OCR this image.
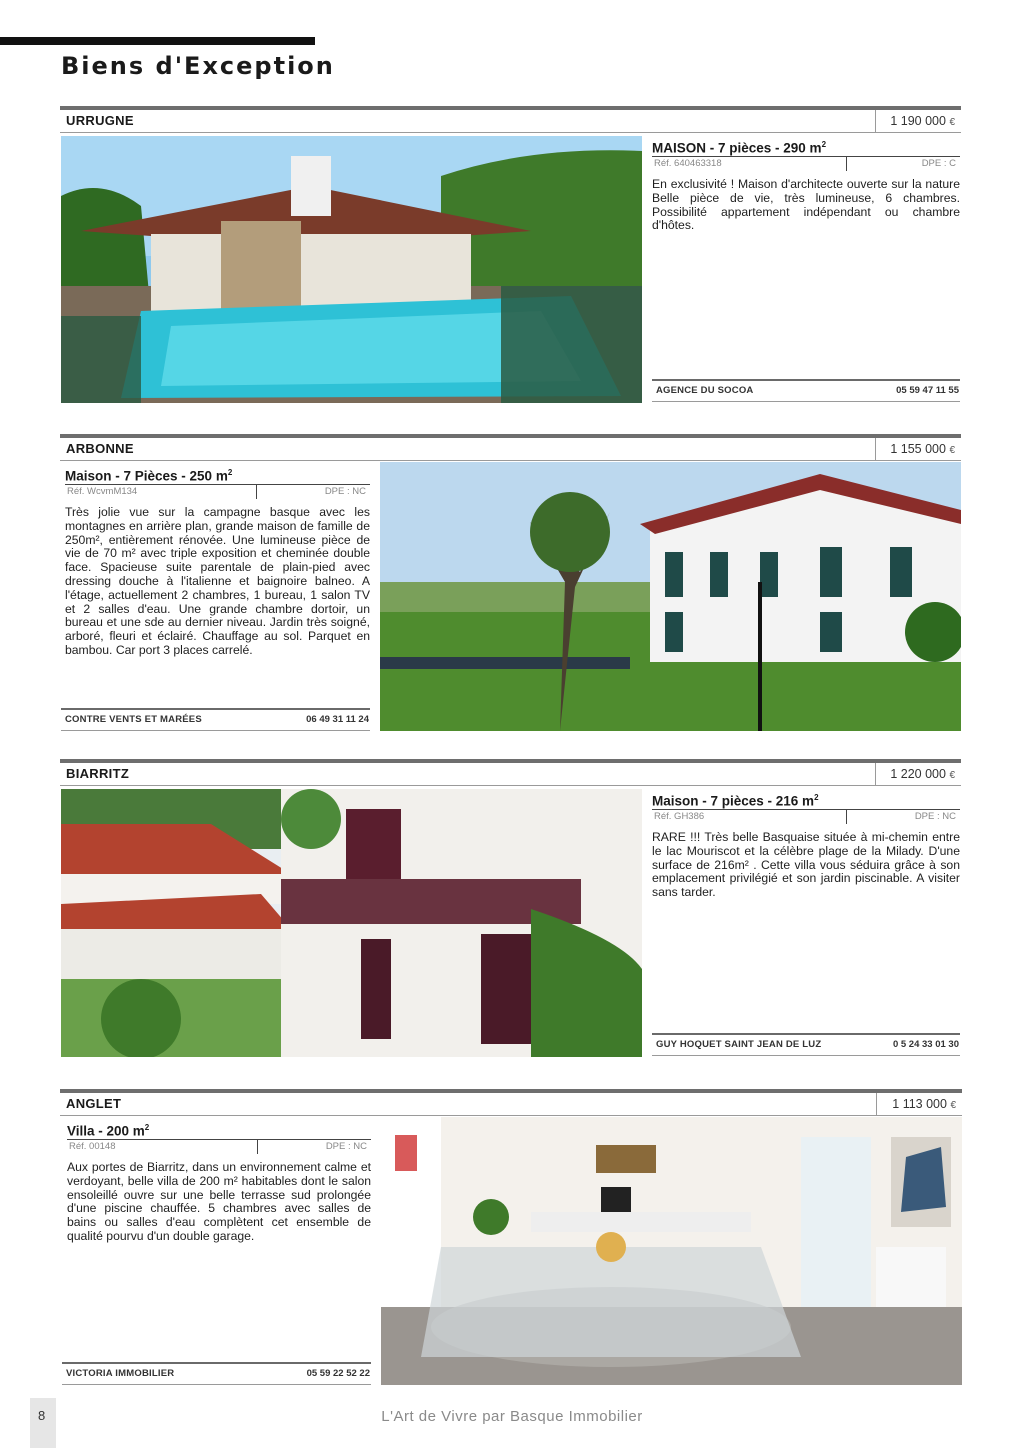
Biens d'Exception
URRUGNE	1 190 000 €

MAISON - 7 pièces - 290 $m^2$

Réf. 640463318	DPE : C

En exclusivité ! Maison d'architecte ouverte sur la nature Belle pièce de vie, très lumineuse, 6 chambres. Possibilité appartement indépendant ou chambre d'hôtes.

AGENCE DU SOCOA	05 59 47 11 55
ARBONNE	1 155 000 €

Maison - 7 Pièces - 250 $m^2$

Réf. WcvmM134	DPE : NC

Très jolie vue sur la campagne basque avec les montagnes en arrière plan, grande maison de famille de 250m², entièrement rénovée. Une lumineuse pièce de vie de 70 m² avec triple exposition et cheminée double face. Spacieuse suite parentale de plain-pied avec dressing douche à l'italienne et baignoire balneo. A l'étage, actuellement 2 chambres, 1 bureau, 1 salon TV et 2 salles d'eau. Une grande chambre dortoir, un bureau et une sde au dernier niveau. Jardin très soigné, arboré, fleuri et éclairé. Chauffage au sol. Parquet en bambou. Car port 3 places carrelé.

CONTRE VENTS ET MARÉES	06 49 31 11 24
BIARRITZ	1 220 000 €

Maison - 7 pièces - 216 $m^2$

Réf. GH386	DPE : NC

RARE !!! Très belle Basquaise située à mi-chemin entre le lac Mouriscot et la célèbre plage de la Milady. D'une surface de 216m² . Cette villa vous séduira grâce à son emplacement privilégié et son jardin piscinable. A visiter sans tarder.

GUY HOQUET SAINT JEAN DE LUZ	0 5 24 33 01 30
ANGLET	1 113 000 €

Villa - 200 $m^2$

Réf. 00148	DPE : NC

Aux portes de Biarritz, dans un environnement calme et verdoyant, belle villa de 200 m² habitables dont le salon ensoleillé ouvre sur une belle terrasse sud prolongée d'une piscine chauffée. 5 chambres avec salles de bains ou salles d'eau complètent cet ensemble de qualité pourvu d'un double garage.

VICTORIA IMMOBILIER	05 59 22 52 22
8	L'Art de Vivre par Basque Immobilier
